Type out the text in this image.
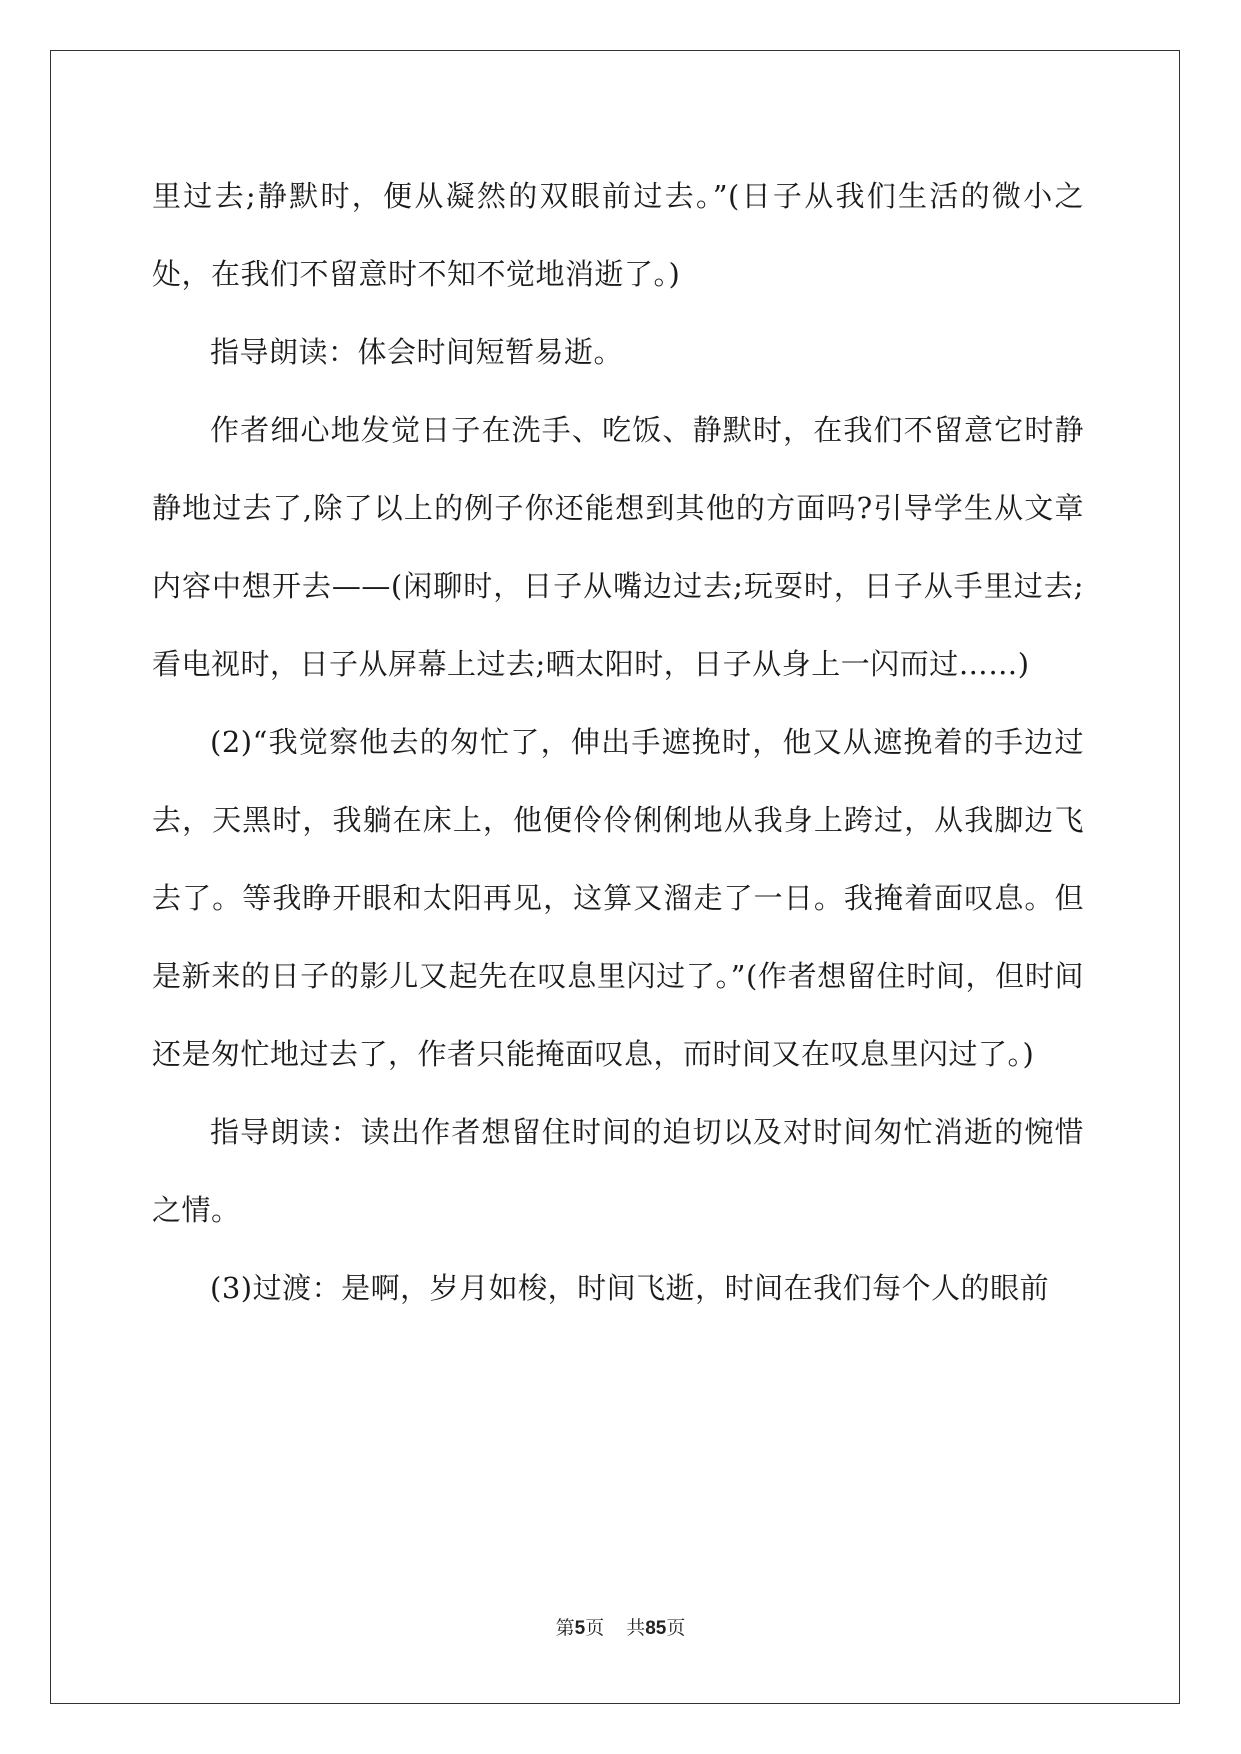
里过去;静默时，便从凝然的双眼前过去。”(日子从我们生活的微小之处，在我们不留意时不知不觉地消逝了。)

指导朗读：体会时间短暂易逝。

作者细心地发觉日子在洗手、吃饭、静默时，在我们不留意它时静静地过去了,除了以上的例子你还能想到其他的方面吗?引导学生从文章内容中想开去——(闲聊时，日子从嘴边过去;玩耍时，日子从手里过去;看电视时，日子从屏幕上过去;晒太阳时，日子从身上一闪而过……)

(2)“我觉察他去的匆忙了，伸出手遮挽时，他又从遮挽着的手边过去，天黑时，我躺在床上，他便伶伶俐俐地从我身上跨过，从我脚边飞去了。等我睁开眼和太阳再见，这算又溜走了一日。我掩着面叹息。但是新来的日子的影儿又起先在叹息里闪过了。”(作者想留住时间，但时间还是匆忙地过去了，作者只能掩面叹息，而时间又在叹息里闪过了。)

指导朗读：读出作者想留住时间的迫切以及对时间匆忙消逝的惋惜之情。

(3)过渡：是啊，岁月如梭，时间飞逝，时间在我们每个人的眼前

第5页 共85页
